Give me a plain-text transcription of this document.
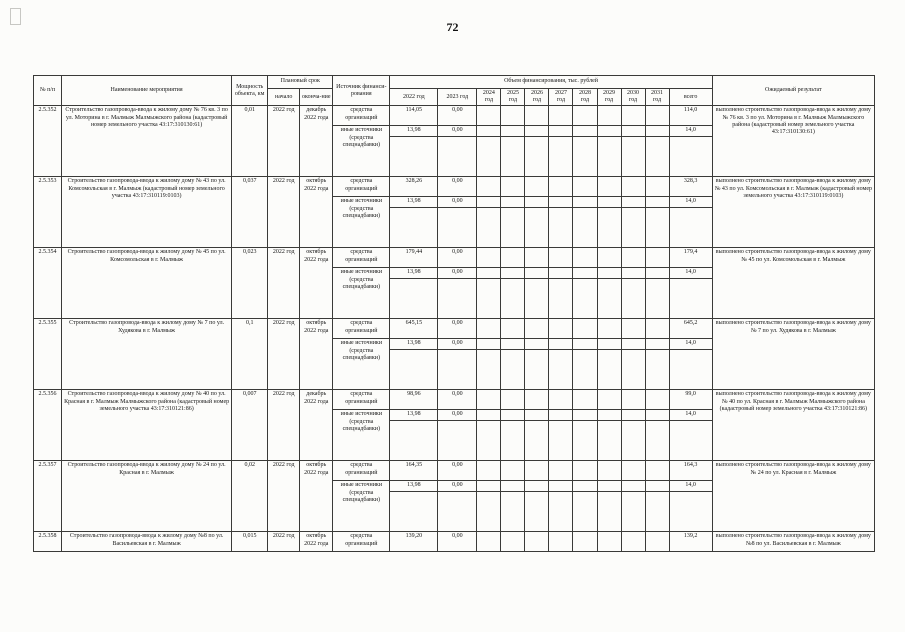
72
№ п/п	Наименование мероприятия	Мощность объекта, км	Плановый срок		Источник финанси-рования	Объем финансирования, тыс. рублей											Ожидаемый результат
			начало	оконча-ние		2022 год	2023 год	2024 год	2025 год	2026 год	2027 год	2028 год	2029 год	2030 год	2031 год	всего	
2.5.352	Строительство газопровода-ввода к жилому дому № 76 кв. 3 по ул. Моторина в г. Малмыж Малмыжского района (кадастровый номер земельного участка 43:17:310130:61)	0,01	2022 год	декабрь 2022 года	средства организаций	114,05	0,00									114,0	выполнено строительство газопровода-ввода к жилому дому № 76 кв. 3 по ул. Моторина в г. Малмыж Малмыжского района (кадастровый номер земельного участка 43:17:310130:61)
					иные источники (средства спецнадбавки)	13,98	0,00									14,0	

2.5.353	Строительство газопровода-ввода к жилому дому № 43 по ул. Комсомольская в г. Малмыж (кадастровый номер земельного участка 43:17:310119:0103)	0,037	2022 год	октябрь 2022 года	средства организаций	328,26	0,00									328,3	выполнено строительство газопровода-ввода к жилому дому № 43 по ул. Комсомольская в г. Малмыж (кадастровый номер земельного участка 43:17:310119:0103)
					иные источники (средства спецнадбавки)	13,98	0,00									14,0	

2.5.354	Строительство газопровода-ввода к жилому дому № 45 по ул. Комсомольская в г. Малмыж	0,023	2022 год	октябрь 2022 года	средства организаций	179,44	0,00									179,4	выполнено строительство газопровода-ввода к жилому дому № 45 по ул. Комсомольская в г. Малмыж
					иные источники (средства спецнадбавки)	13,98	0,00									14,0	

2.5.355	Строительство газопровода-ввода к жилому дому № 7 по ул. Худякова в г. Малмыж	0,1	2022 год	октябрь 2022 года	средства организаций	645,15	0,00									645,2	выполнено строительство газопровода-ввода к жилому дому № 7 по ул. Худякова в г. Малмыж
					иные источники (средства спецнадбавки)	13,98	0,00									14,0	

2.5.356	Строительство газопровода-ввода к жилому дому № 40 по ул. Красная в г. Малмыж Малмыжского района (кадастровый номер земельного участка 43:17:310121:86)	0,007	2022 год	декабрь 2022 года	средства организаций	98,96	0,00									99,0	выполнено строительство газопровода-ввода к жилому дому № 40 по ул. Красная в г. Малмыж Малмыжского района (кадастровый номер земельного участка 43:17:310121:86)
					иные источники (средства спецнадбавки)	13,98	0,00									14,0	

2.5.357	Строительство газопровода-ввода к жилому дому № 24 по ул. Красная в г. Малмыж	0,02	2022 год	октябрь 2022 года	средства организаций	164,35	0,00									164,3	выполнено строительство газопровода-ввода к жилому дому № 24 по ул. Красная в г. Малмыж
					иные источники (средства спецнадбавки)	13,98	0,00									14,0	

2.5.358	Строительство газопровода-ввода к жилому дому №8 по ул. Васильевская в г. Малмыж	0,015	2022 год	октябрь 2022 года	средства организаций	139,20	0,00									139,2	выполнено строительство газопровода-ввода к жилому дому №8 по ул. Васильевская в г. Малмыж
